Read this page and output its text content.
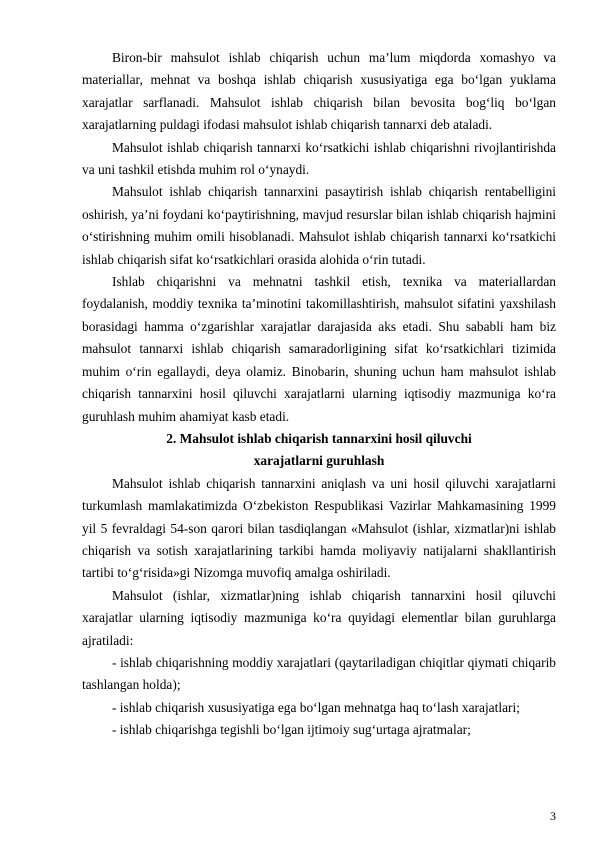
Biron-bir mahsulot ishlab chiqarish uchun ma’lum miqdorda xomashyo va materiallar, mehnat va boshqa ishlab chiqarish xususiyatiga ega bo‘lgan yuklama xarajatlar sarflanadi. Mahsulot ishlab chiqarish bilan bevosita bog‘liq bo‘lgan xarajatlarning puldagi ifodasi mahsulot ishlab chiqarish tannarxi deb ataladi.

Mahsulot ishlab chiqarish tannarxi ko‘rsatkichi ishlab chiqarishni rivojlantirishda va uni tashkil etishda muhim rol o‘ynaydi.

Mahsulot ishlab chiqarish tannarxini pasaytirish ishlab chiqarish rentabelligini oshirish, ya’ni foydani ko‘paytirishning, mavjud resurslar bilan ishlab chiqarish hajmini o‘stirishning muhim omili hisoblanadi. Mahsulot ishlab chiqarish tannarxi ko‘rsatkichi ishlab chiqarish sifat ko‘rsatkichlari orasida alohida o‘rin tutadi.

Ishlab chiqarishni va mehnatni tashkil etish, texnika va materiallardan foydalanish, moddiy texnika ta’minotini takomillashtirish, mahsulot sifatini yaxshilash borasidagi hamma o‘zgarishlar xarajatlar darajasida aks etadi. Shu sababli ham biz mahsulot tannarxi ishlab chiqarish samaradorligining sifat ko‘rsatkichlari tizimida muhim o‘rin egallaydi, deya olamiz. Binobarin, shuning uchun ham mahsulot ishlab chiqarish tannarxini hosil qiluvchi xarajatlarni ularning iqtisodiy mazmuniga ko‘ra guruhlash muhim ahamiyat kasb etadi.

2. Mahsulot ishlab chiqarish tannarxini hosil qiluvchi

xarajatlarni guruhlash

Mahsulot ishlab chiqarish tannarxini aniqlash va uni hosil qiluvchi xarajatlarni turkumlash mamlakatimizda O‘zbekiston Respublikasi Vazirlar Mahkamasining 1999 yil 5 fevraldagi 54-son qarori bilan tasdiqlangan «Mahsulot (ishlar, xizmatlar)ni ishlab chiqarish va sotish xarajatlarining tarkibi hamda moliyaviy natijalarni shakllantirish tartibi to‘g‘risida»gi Nizomga muvofiq amalga oshiriladi.

Mahsulot (ishlar, xizmatlar)ning ishlab chiqarish tannarxini hosil qiluvchi xarajatlar ularning iqtisodiy mazmuniga ko‘ra quyidagi elementlar bilan guruhlarga ajratiladi:

- ishlab chiqarishning moddiy xarajatlari (qaytariladigan chiqitlar qiymati chiqarib tashlangan holda);

- ishlab chiqarish xususiyatiga ega bo‘lgan mehnatga haq to‘lash xarajatlari;

- ishlab chiqarishga tegishli bo‘lgan ijtimoiy sug‘urtaga ajratmalar;

3
